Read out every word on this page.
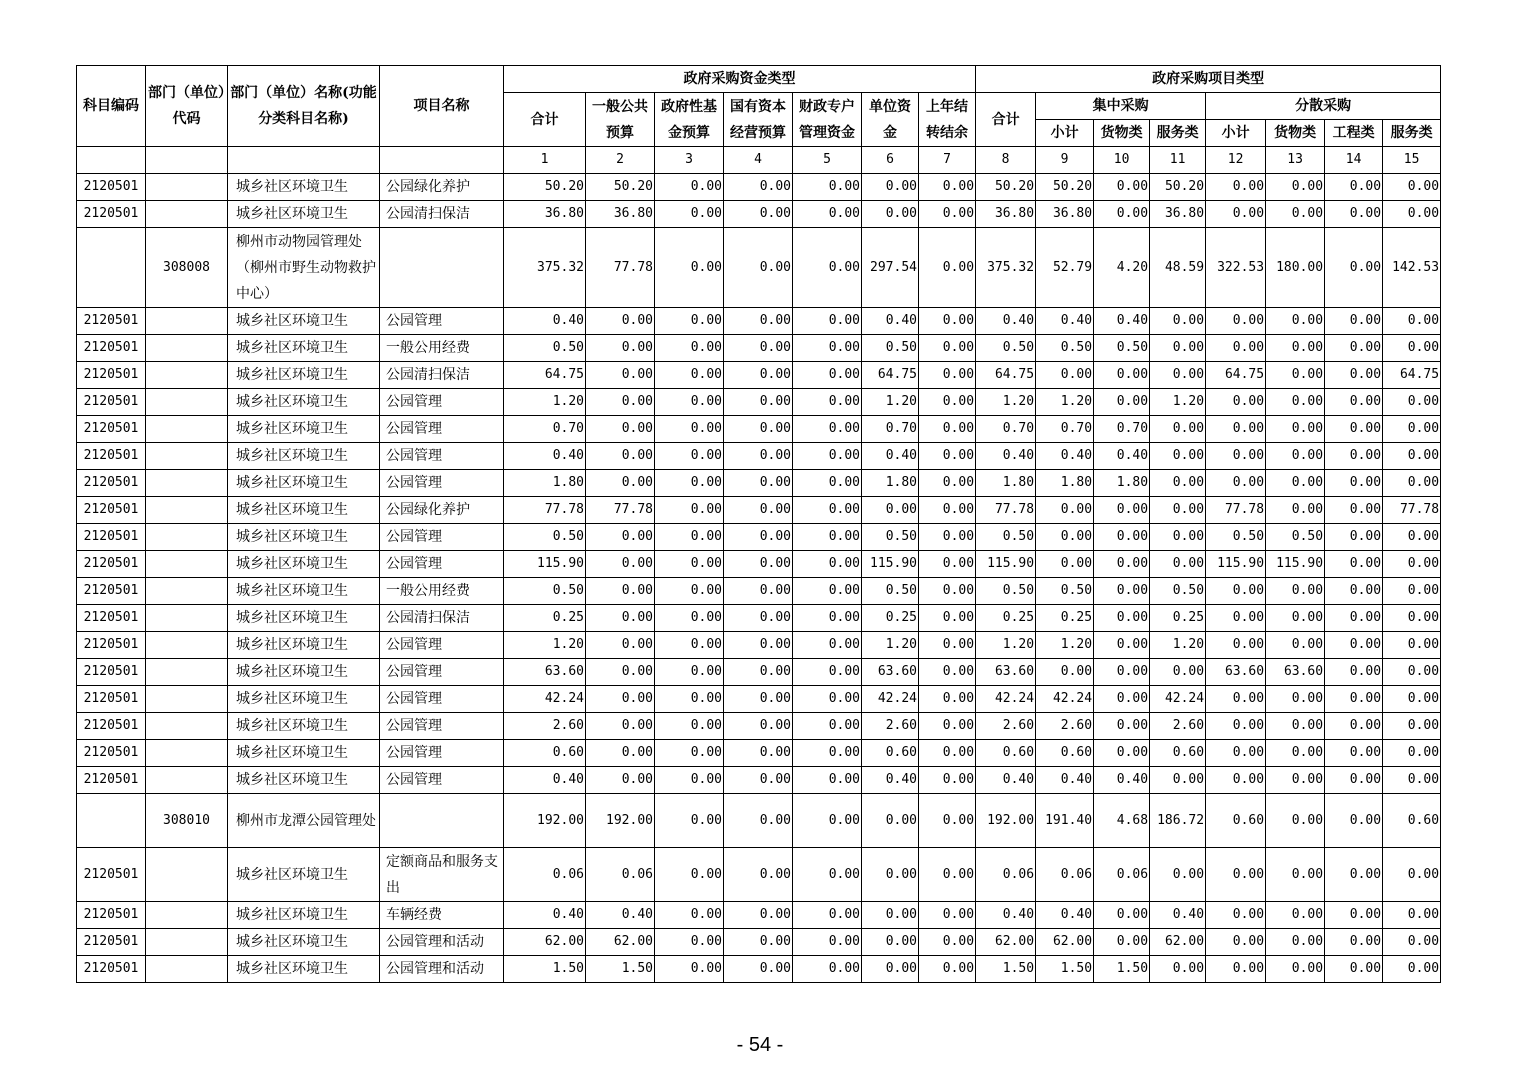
科目编码	部门（单位）代码	部门（单位）名称(功能分类科目名称)	项目名称	政府采购资金类型							政府采购项目类型							
				合计	一般公共预算	政府性基金预算	国有资本经营预算	财政专户管理资金	单位资金	上年结转结余	合计	集中采购			分散采购			
												小计	货物类	服务类	小计	货物类	工程类	服务类
				1	2	3	4	5	6	7	8	9	10	11	12	13	14	15
2120501		城乡社区环境卫生	公园绿化养护	50.20	50.20	0.00	0.00	0.00	0.00	0.00	50.20	50.20	0.00	50.20	0.00	0.00	0.00	0.00
2120501		城乡社区环境卫生	公园清扫保洁	36.80	36.80	0.00	0.00	0.00	0.00	0.00	36.80	36.80	0.00	36.80	0.00	0.00	0.00	0.00
	308008	柳州市动物园管理处（柳州市野生动物救护中心）		375.32	77.78	0.00	0.00	0.00	297.54	0.00	375.32	52.79	4.20	48.59	322.53	180.00	0.00	142.53
2120501		城乡社区环境卫生	公园管理	0.40	0.00	0.00	0.00	0.00	0.40	0.00	0.40	0.40	0.40	0.00	0.00	0.00	0.00	0.00
2120501		城乡社区环境卫生	一般公用经费	0.50	0.00	0.00	0.00	0.00	0.50	0.00	0.50	0.50	0.50	0.00	0.00	0.00	0.00	0.00
2120501		城乡社区环境卫生	公园清扫保洁	64.75	0.00	0.00	0.00	0.00	64.75	0.00	64.75	0.00	0.00	0.00	64.75	0.00	0.00	64.75
2120501		城乡社区环境卫生	公园管理	1.20	0.00	0.00	0.00	0.00	1.20	0.00	1.20	1.20	0.00	1.20	0.00	0.00	0.00	0.00
2120501		城乡社区环境卫生	公园管理	0.70	0.00	0.00	0.00	0.00	0.70	0.00	0.70	0.70	0.70	0.00	0.00	0.00	0.00	0.00
2120501		城乡社区环境卫生	公园管理	0.40	0.00	0.00	0.00	0.00	0.40	0.00	0.40	0.40	0.40	0.00	0.00	0.00	0.00	0.00
2120501		城乡社区环境卫生	公园管理	1.80	0.00	0.00	0.00	0.00	1.80	0.00	1.80	1.80	1.80	0.00	0.00	0.00	0.00	0.00
2120501		城乡社区环境卫生	公园绿化养护	77.78	77.78	0.00	0.00	0.00	0.00	0.00	77.78	0.00	0.00	0.00	77.78	0.00	0.00	77.78
2120501		城乡社区环境卫生	公园管理	0.50	0.00	0.00	0.00	0.00	0.50	0.00	0.50	0.00	0.00	0.00	0.50	0.50	0.00	0.00
2120501		城乡社区环境卫生	公园管理	115.90	0.00	0.00	0.00	0.00	115.90	0.00	115.90	0.00	0.00	0.00	115.90	115.90	0.00	0.00
2120501		城乡社区环境卫生	一般公用经费	0.50	0.00	0.00	0.00	0.00	0.50	0.00	0.50	0.50	0.00	0.50	0.00	0.00	0.00	0.00
2120501		城乡社区环境卫生	公园清扫保洁	0.25	0.00	0.00	0.00	0.00	0.25	0.00	0.25	0.25	0.00	0.25	0.00	0.00	0.00	0.00
2120501		城乡社区环境卫生	公园管理	1.20	0.00	0.00	0.00	0.00	1.20	0.00	1.20	1.20	0.00	1.20	0.00	0.00	0.00	0.00
2120501		城乡社区环境卫生	公园管理	63.60	0.00	0.00	0.00	0.00	63.60	0.00	63.60	0.00	0.00	0.00	63.60	63.60	0.00	0.00
2120501		城乡社区环境卫生	公园管理	42.24	0.00	0.00	0.00	0.00	42.24	0.00	42.24	42.24	0.00	42.24	0.00	0.00	0.00	0.00
2120501		城乡社区环境卫生	公园管理	2.60	0.00	0.00	0.00	0.00	2.60	0.00	2.60	2.60	0.00	2.60	0.00	0.00	0.00	0.00
2120501		城乡社区环境卫生	公园管理	0.60	0.00	0.00	0.00	0.00	0.60	0.00	0.60	0.60	0.00	0.60	0.00	0.00	0.00	0.00
2120501		城乡社区环境卫生	公园管理	0.40	0.00	0.00	0.00	0.00	0.40	0.00	0.40	0.40	0.40	0.00	0.00	0.00	0.00	0.00
	308010	柳州市龙潭公园管理处		192.00	192.00	0.00	0.00	0.00	0.00	0.00	192.00	191.40	4.68	186.72	0.60	0.00	0.00	0.60
2120501		城乡社区环境卫生	定额商品和服务支出	0.06	0.06	0.00	0.00	0.00	0.00	0.00	0.06	0.06	0.06	0.00	0.00	0.00	0.00	0.00
2120501		城乡社区环境卫生	车辆经费	0.40	0.40	0.00	0.00	0.00	0.00	0.00	0.40	0.40	0.00	0.40	0.00	0.00	0.00	0.00
2120501		城乡社区环境卫生	公园管理和活动	62.00	62.00	0.00	0.00	0.00	0.00	0.00	62.00	62.00	0.00	62.00	0.00	0.00	0.00	0.00
2120501		城乡社区环境卫生	公园管理和活动	1.50	1.50	0.00	0.00	0.00	0.00	0.00	1.50	1.50	1.50	0.00	0.00	0.00	0.00	0.00
- 54 -
